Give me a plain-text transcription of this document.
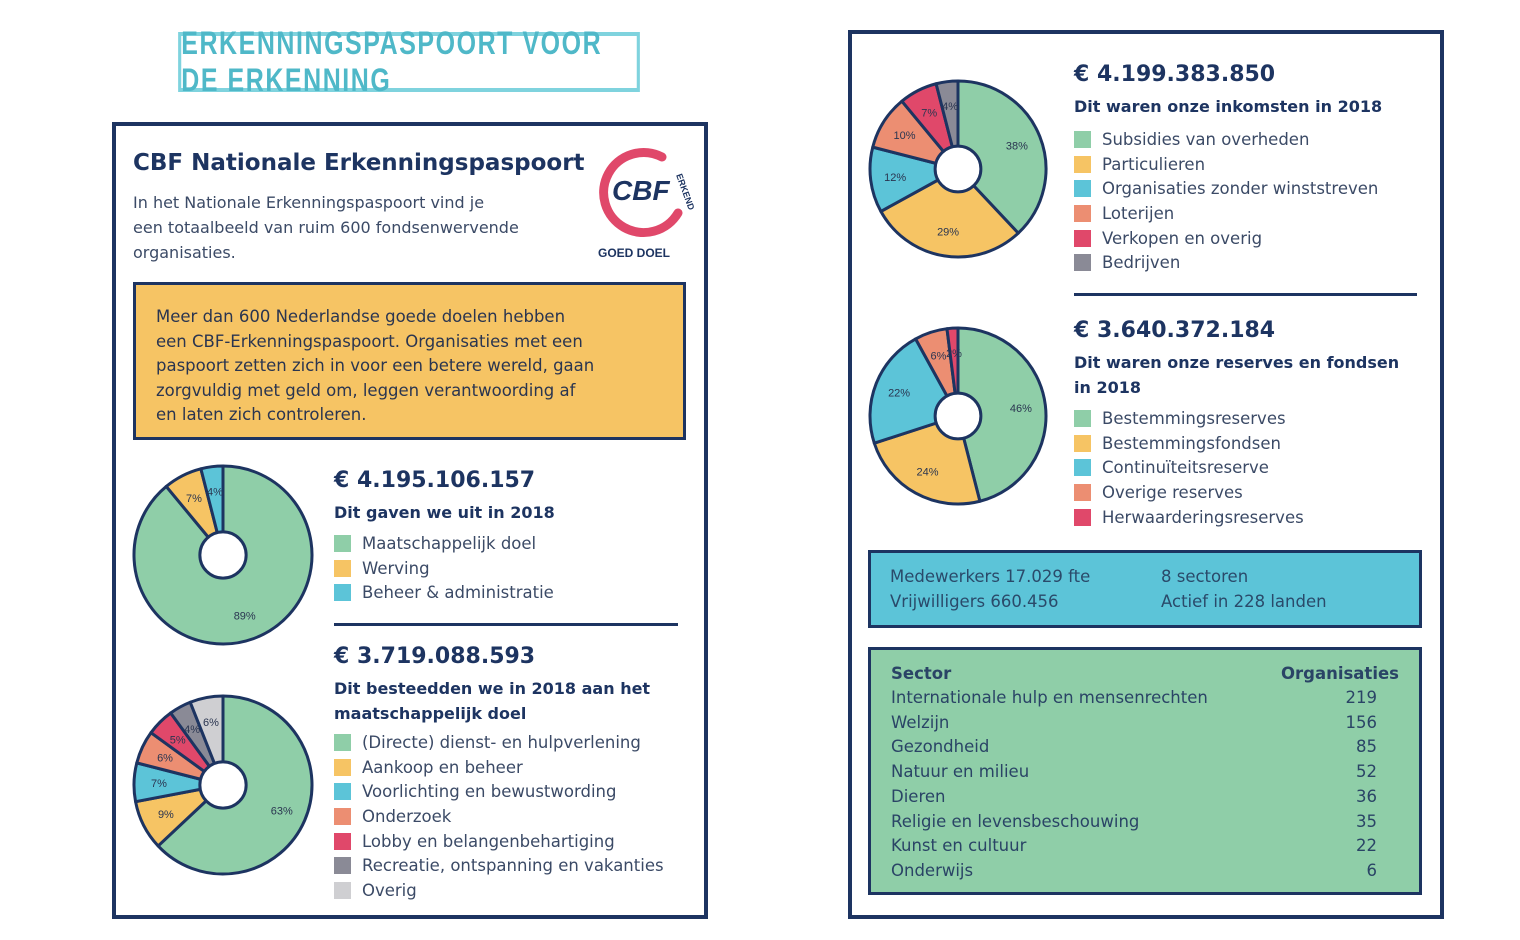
ERKENNINGSPASPOORT VOOR DE ERKENNING
CBF Nationale Erkenningspaspoort
In het Nationale Erkenningspaspoort vind je
een totaalbeeld van ruim 600 fondsenwervende
organisaties.
CBF ERKEND
GOED DOEL
Meer dan 600 Nederlandse goede doelen hebben
een CBF-Erkenningspaspoort. Organisaties met een
paspoort zetten zich in voor een betere wereld, gaan
zorgvuldig met geld om, leggen verantwoording af
en laten zich controleren.
89%
7%
4%	€ 4.195.106.157
Dit gaven we uit in 2018
Maatschappelijk doel
Werving
Beheer & administratie
63%
9%
7%
6%
5%
4%
6%
€ 3.719.088.593
Dit besteedden we in 2018 aan het
maatschappelijk doel
(Directe) dienst- en hulpverlening
Aankoop en beheer
Voorlichting en bewustwording
Onderzoek
Lobby en belangenbehartiging
Recreatie, ontspanning en vakanties
Overig
38%
29%
12%
10%
7%
4%
€ 4.199.383.850
Dit waren onze inkomsten in 2018
Subsidies van overheden
Particulieren
Organisaties zonder winststreven
Loterijen
Verkopen en overig
Bedrijven
46%
24%
22%
6% 2%
€ 3.640.372.184
Dit waren onze reserves en fondsen
in 2018
Bestemmingsreserves
Bestemmingsfondsen
Continuïteitsreserve
Overige reserves
Herwaarderingsreserves
Medewerkers 17.029 fte
Vrijwilligers 660.456
8 sectoren
Actief in 228 landen
Sector	Organisaties
Internationale hulp en mensenrechten	219
Welzijn	156
Gezondheid	85
Natuur en milieu	52
Dieren	36
Religie en levensbeschouwing	35
Kunst en cultuur	22
Onderwijs	6
